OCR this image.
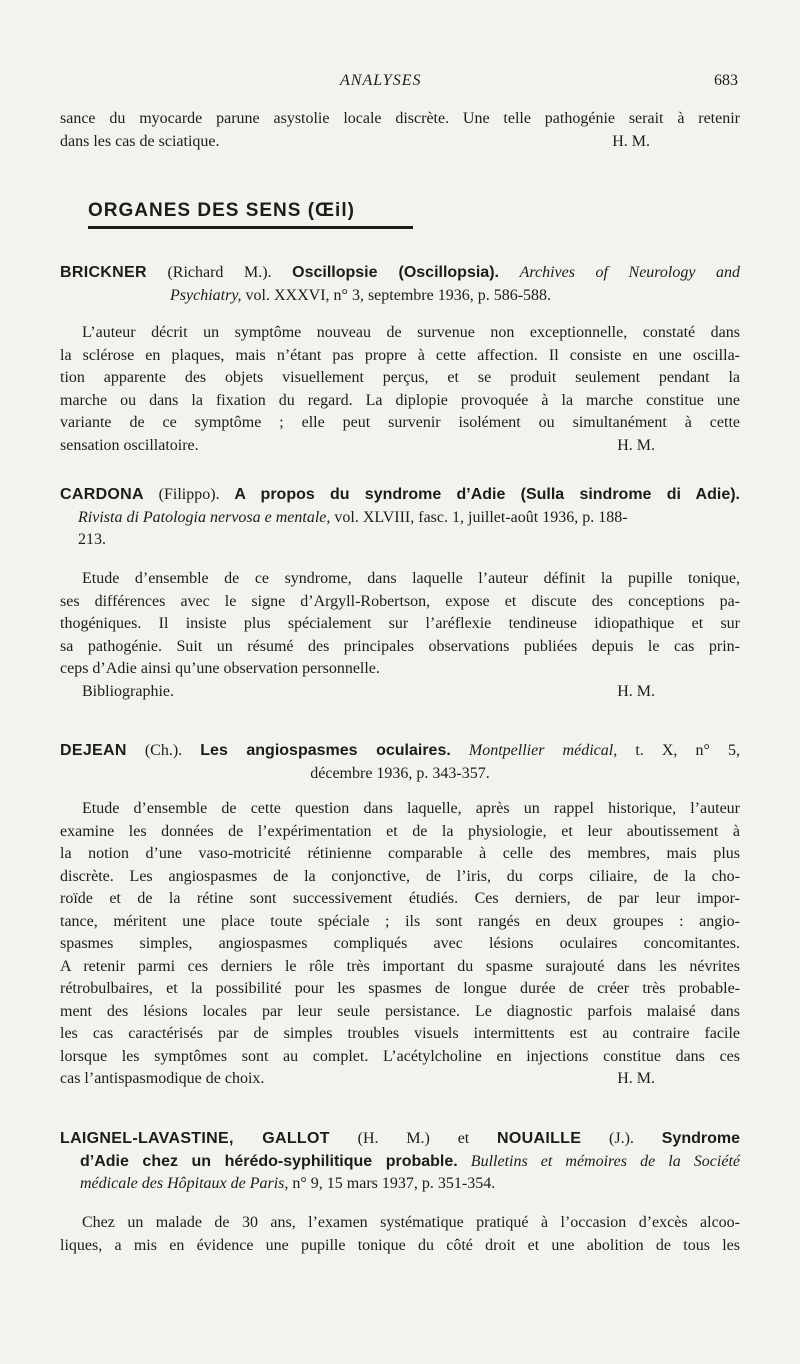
ANALYSES	683
sance du myocarde parune asystolie locale discrète. Une telle pathogénie serait à retenir
dans les cas de sciatique.	H. M.
ORGANES DES SENS (Œil)
BRICKNER (Richard M.). Oscillopsie (Oscillopsia). Archives of Neurology and
Psychiatry, vol. XXXVI, n° 3, septembre 1936, p. 586-588.
L’auteur décrit un symptôme nouveau de survenue non exceptionnelle, constaté dans
la sclérose en plaques, mais n’étant pas propre à cette affection. Il consiste en une oscilla-
tion apparente des objets visuellement perçus, et se produit seulement pendant la
marche ou dans la fixation du regard. La diplopie provoquée à la marche constitue une
variante de ce symptôme ; elle peut survenir isolément ou simultanément à cette
sensation oscillatoire.	H. M.
CARDONA (Filippo). A propos du syndrome d’Adie (Sulla sindrome di Adie).
Rivista di Patologia nervosa e mentale, vol. XLVIII, fasc. 1, juillet-août 1936, p. 188-
213.
Etude d’ensemble de ce syndrome, dans laquelle l’auteur définit la pupille tonique,
ses différences avec le signe d’Argyll-Robertson, expose et discute des conceptions pa-
thogéniques. Il insiste plus spécialement sur l’aréflexie tendineuse idiopathique et sur
sa pathogénie. Suit un résumé des principales observations publiées depuis le cas prin-
ceps d’Adie ainsi qu’une observation personnelle.
Bibliographie.	H. M.
DEJEAN (Ch.). Les angiospasmes oculaires. Montpellier médical, t. X, n° 5,
décembre 1936, p. 343-357.
Etude d’ensemble de cette question dans laquelle, après un rappel historique, l’auteur
examine les données de l’expérimentation et de la physiologie, et leur aboutissement à
la notion d’une vaso-motricité rétinienne comparable à celle des membres, mais plus
discrète. Les angiospasmes de la conjonctive, de l’iris, du corps ciliaire, de la cho-
roïde et de la rétine sont successivement étudiés. Ces derniers, de par leur impor-
tance, méritent une place toute spéciale ; ils sont rangés en deux groupes : angio-
spasmes simples, angiospasmes compliqués avec lésions oculaires concomitantes.
A retenir parmi ces derniers le rôle très important du spasme surajouté dans les névrites
rétrobulbaires, et la possibilité pour les spasmes de longue durée de créer très probable-
ment des lésions locales par leur seule persistance. Le diagnostic parfois malaisé dans
les cas caractérisés par de simples troubles visuels intermittents est au contraire facile
lorsque les symptômes sont au complet. L’acétylcholine en injections constitue dans ces
cas l’antispasmodique de choix.	H. M.
LAIGNEL-LAVASTINE, GALLOT (H. M.) et NOUAILLE (J.). Syndrome
d’Adie chez un hérédo-syphilitique probable. Bulletins et mémoires de la Société
médicale des Hôpitaux de Paris, n° 9, 15 mars 1937, p. 351-354.
Chez un malade de 30 ans, l’examen systématique pratiqué à l’occasion d’excès alcoo-
liques, a mis en évidence une pupille tonique du côté droit et une abolition de tous les
